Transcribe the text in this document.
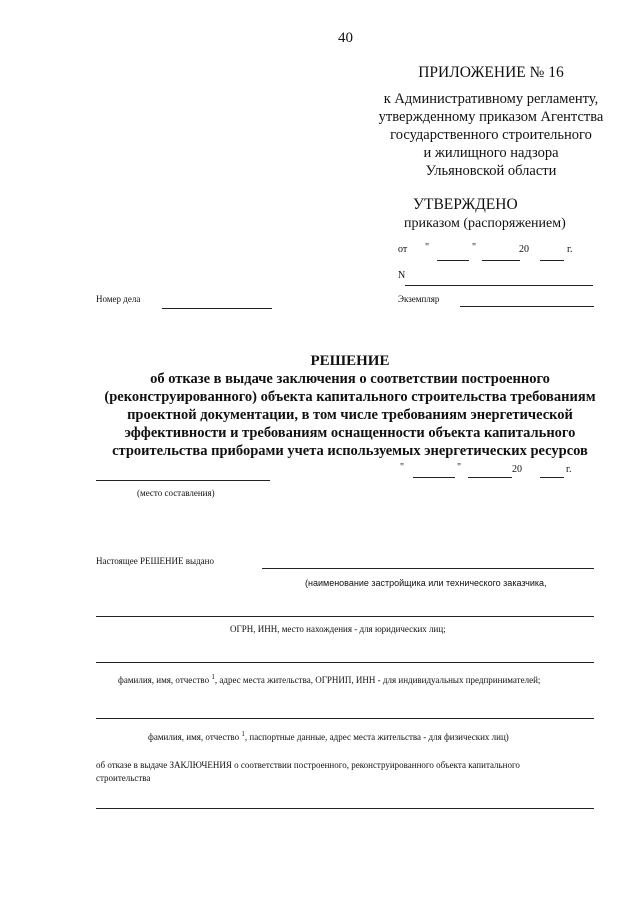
40
ПРИЛОЖЕНИЕ № 16
к Административному регламенту,
утвержденному приказом Агентства
государственного строительного
и жилищного надзора
Ульяновской области
УТВЕРЖДЕНО
приказом (распоряжением)
от "	"	20	г.
N
Экземпляр
Номер дела
РЕШЕНИЕ
об отказе в выдаче заключения о соответствии построенного
(реконструированного) объекта капитального строительства требованиям
проектной документации, в том числе требованиям энергетической
эффективности и требованиям оснащенности объекта капитального
строительства приборами учета используемых энергетических ресурсов
"	"	20	г.
(место составления)
Настоящее РЕШЕНИЕ выдано
(наименование застройщика или технического заказчика,
ОГРН, ИНН, место нахождения - для юридических лиц;
фамилия, имя, отчество $^1$, адрес места жительства, ОГРНИП, ИНН - для индивидуальных предпринимателей;
фамилия, имя, отчество $^1$, паспортные данные, адрес места жительства - для физических лиц)
об отказе в выдаче ЗАКЛЮЧЕНИЯ о соответствии построенного, реконструированного объекта капитального
строительства
